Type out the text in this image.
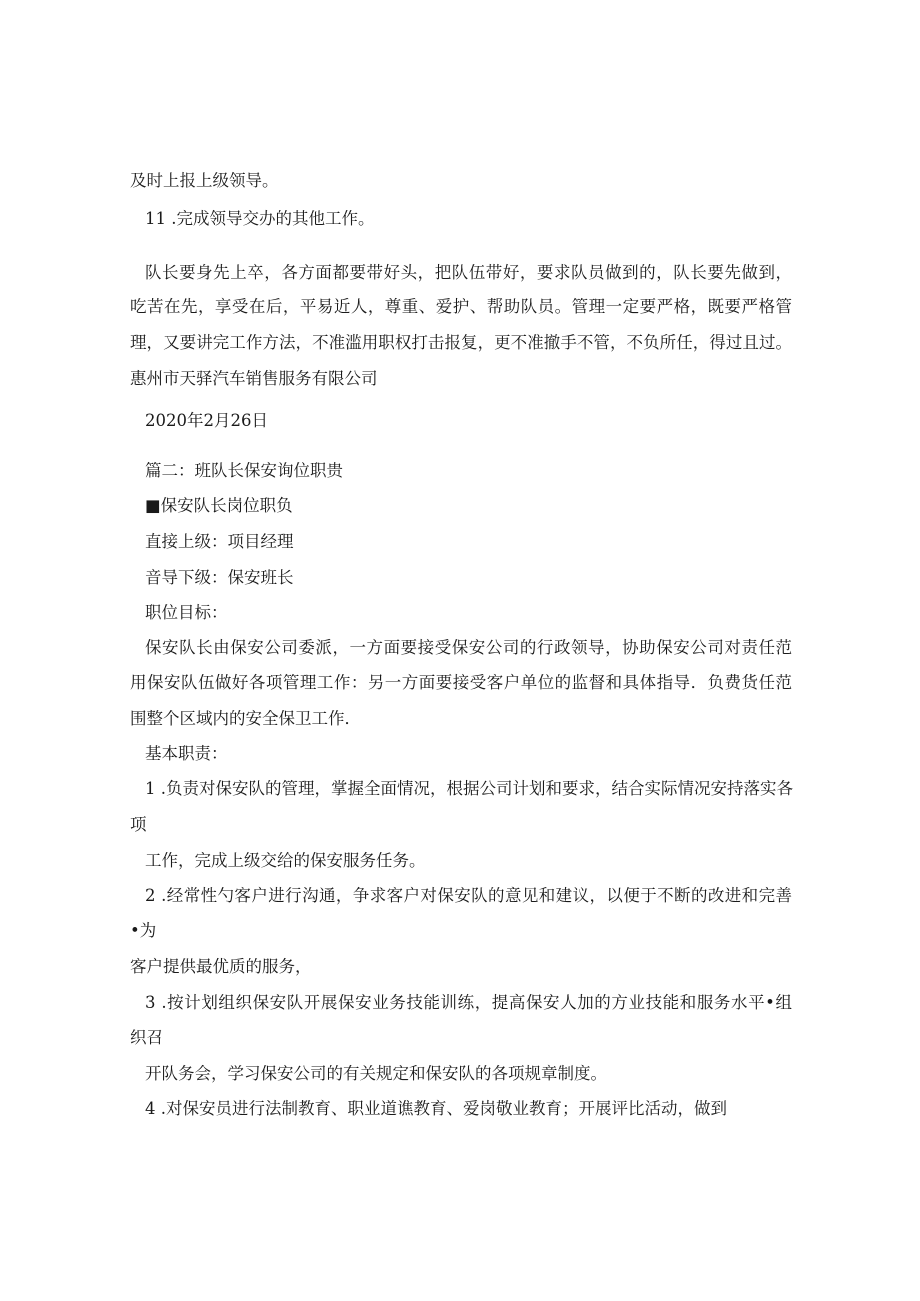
及时上报上级领导。

11 .完成领导交办的其他工作。

队长要身先上卒，各方面都要带好头，把队伍带好，要求队员做到的，队长要先做到，

吃苦在先，享受在后，平易近人，尊重、爱护、帮助队员。管理一定要严格，既要严格管

理，又要讲完工作方法，不准滥用职权打击报复，更不准撤手不管，不负所任，得过且过。

惠州市天驿汽车销售服务有限公司

2020年2月26日

篇二：班队长保安询位职贵

■保安队长岗位职负

直接上级：项目经理

音导下级：保安班长

职位目标：

保安队长由保安公司委派，一方面要接受保安公司的行政领导，协助保安公司对责任范

用保安队伍做好各项管理工作：另一方面要接受客户单位的监督和具体指导．负费货任范

围整个区域内的安全保卫工作．

基本职责：

1 .负责对保安队的管理，掌握全面情况，根据公司计划和要求，结合实际情况安持落实各

项

工作，完成上级交给的保安服务任务。

2 .经常性勺客户进行沟通，争求客户对保安队的意见和建议，以便于不断的改进和完善

•为

客户提供最优质的服务，

3 .按计划组织保安队开展保安业务技能训练，提高保安人加的方业技能和服务水平•组

织召

开队务会，学习保安公司的有关规定和保安队的各项规章制度。

4 .对保安员进行法制教育、职业道谯教育、爱岗敬业教育；开展评比活动，做到
